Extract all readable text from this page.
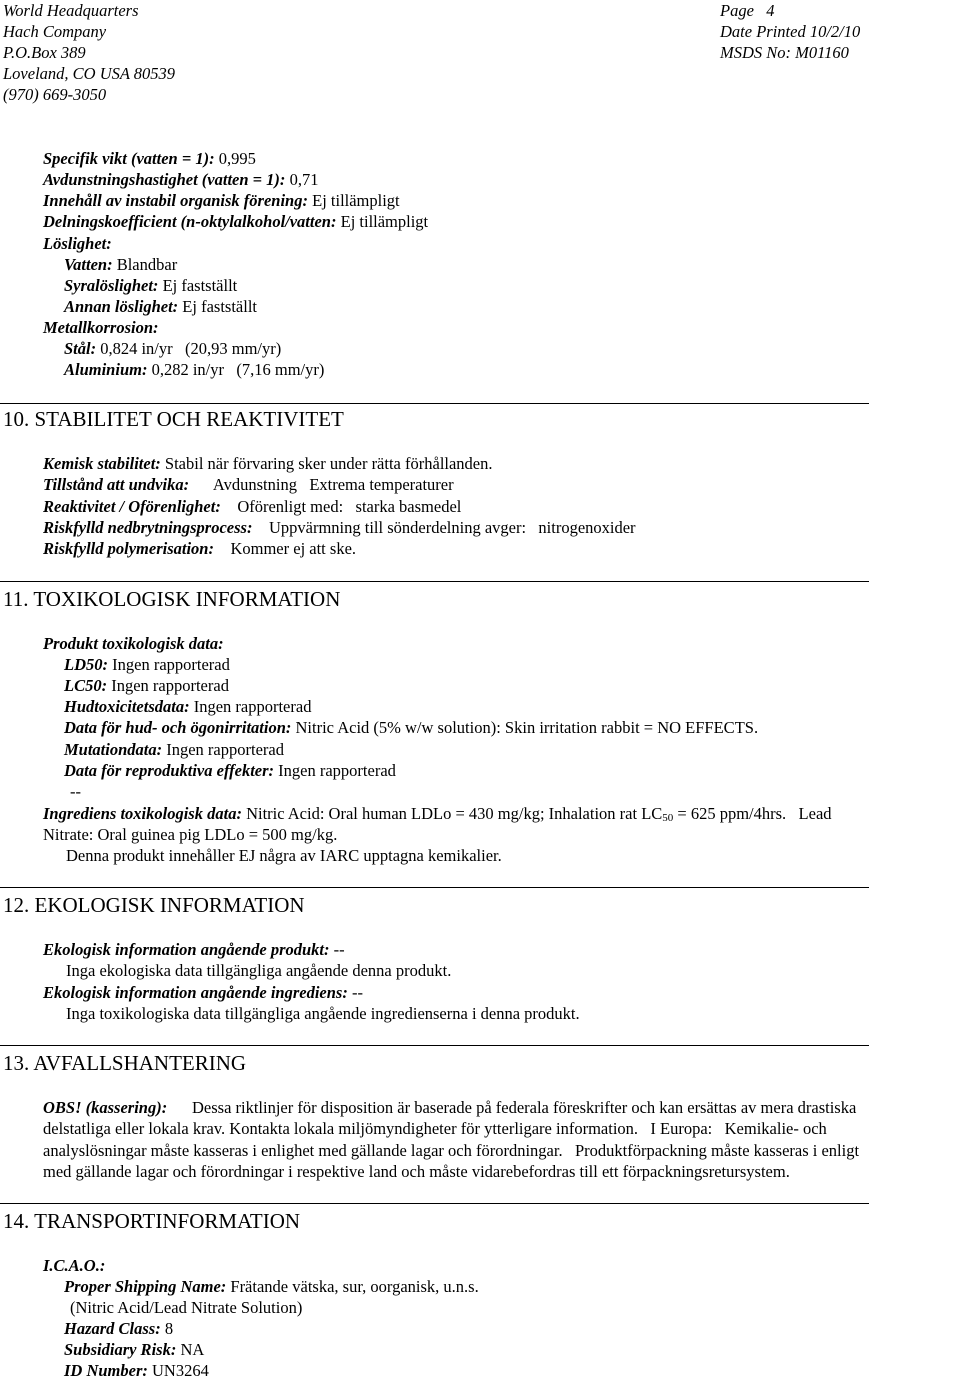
World Headquarters
Hach Company
P.O.Box 389
Loveland, CO USA 80539
(970) 669-3050
Page   4
Date Printed 10/2/10
MSDS No: M01160
Specifik vikt (vatten = 1): 0,995
Avdunstningshastighet (vatten = 1): 0,71
Innehåll av instabil organisk förening: Ej tillämpligt
Delningskoefficient (n-oktylalkohol/vatten: Ej tillämpligt
Löslighet:
Vatten: Blandbar
Syralöslighet: Ej fastställt
Annan löslighet: Ej fastställt
Metallkorrosion:
Stål: 0,824 in/yr   (20,93 mm/yr)
Aluminium: 0,282 in/yr   (7,16 mm/yr)
10. STABILITET OCH REAKTIVITET
Kemisk stabilitet: Stabil när förvaring sker under rätta förhållanden.
Tillstånd att undvika: Avdunstning   Extrema temperaturer
Reaktivitet / Oförenlighet: Oförenligt med:   starka basmedel
Riskfylld nedbrytningsprocess: Uppvärmning till sönderdelning avger:   nitrogenoxider
Riskfylld polymerisation: Kommer ej att ske.
11. TOXIKOLOGISK INFORMATION
Produkt toxikologisk data:
LD50: Ingen rapporterad
LC50: Ingen rapporterad
Hudtoxicitetsdata: Ingen rapporterad
Data för hud- och ögonirritation: Nitric Acid (5% w/w solution): Skin irritation rabbit = NO EFFECTS.
Mutationdata: Ingen rapporterad
Data för reproduktiva effekter: Ingen rapporterad
--
Ingrediens toxikologisk data: Nitric Acid: Oral human LDLo = 430 mg/kg; Inhalation rat $LC_{50} = 625$ ppm/4hrs.   Lead
Nitrate: Oral guinea pig LDLo = 500 mg/kg.
Denna produkt innehåller EJ några av IARC upptagna kemikalier.
12. EKOLOGISK INFORMATION
Ekologisk information angående produkt: --
Inga ekologiska data tillgängliga angående denna produkt.
Ekologisk information angående ingrediens: --
Inga toxikologiska data tillgängliga angående ingredienserna i denna produkt.
13. AVFALLSHANTERING
OBS! (kassering): Dessa riktlinjer för disposition är baserade på federala föreskrifter och kan ersättas av mera drastiska
delstatliga eller lokala krav. Kontakta lokala miljömyndigheter för ytterligare information.   I Europa:   Kemikalie- och
analyslösningar måste kasseras i enlighet med gällande lagar och förordningar.   Produktförpackning måste kasseras i enligt
med gällande lagar och förordningar i respektive land och måste vidarebefordras till ett förpackningsretursystem.
14. TRANSPORTINFORMATION
I.C.A.O.:
Proper Shipping Name: Frätande vätska, sur, oorganisk, u.n.s.
(Nitric Acid/Lead Nitrate Solution)
Hazard Class: 8
Subsidiary Risk: NA
ID Number: UN3264
